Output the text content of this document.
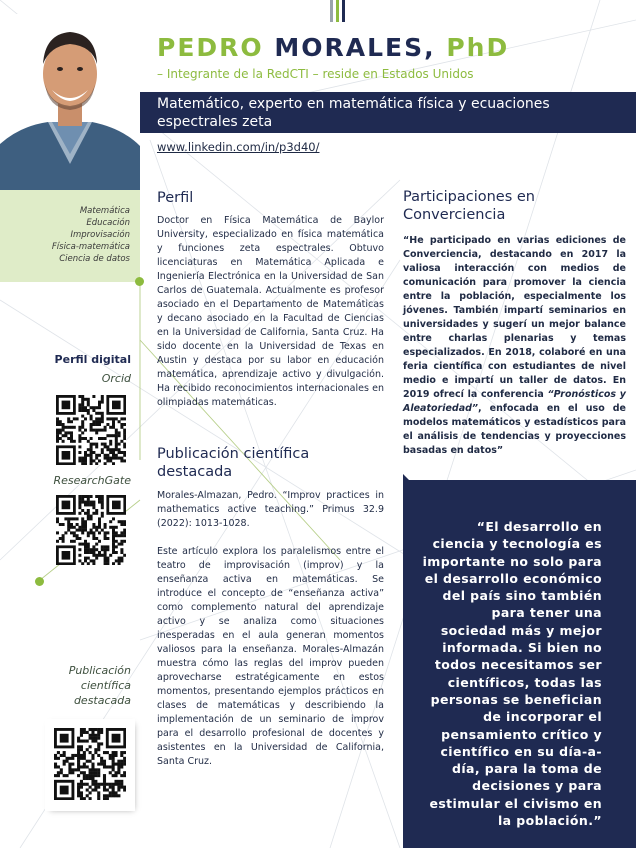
PEDRO MORALES, PhD
– Integrante de la RedCTI – reside en Estados Unidos
Matemático, experto en matemática física y ecuaciones espectrales zeta
www.linkedin.com/in/p3d40/
Matemática
Educación
Improvisación
Física-matemática
Ciencia de datos
Perfil digital
Orcid
ResearchGate
Publicación
científica
destacada
Perfil
Doctor en Física Matemática de Baylor University, especializado en física matemática y funciones zeta espectrales. Obtuvo licenciaturas en Matemática Aplicada e Ingeniería Electrónica en la Universidad de San Carlos de Guatemala. Actualmente es profesor asociado en el Departamento de Matemáticas y decano asociado en la Facultad de Ciencias en la Universidad de California, Santa Cruz. Ha sido docente en la Universidad de Texas en Austin y destaca por su labor en educación matemática, aprendizaje activo y divulgación. Ha recibido reconocimientos internacionales en olimpiadas matemáticas.
Publicación científica destacada
Morales-Almazan, Pedro. “Improv practices in mathematics active teaching.” Primus 32.9 (2022): 1013-1028.
Este artículo explora los paralelismos entre el teatro de improvisación (improv) y la enseñanza activa en matemáticas. Se introduce el concepto de “enseñanza activa” como complemento natural del aprendizaje activo y se analiza como situaciones inesperadas en el aula generan momentos valiosos para la enseñanza. Morales-Almazán muestra cómo las reglas del improv pueden aprovecharse estratégicamente en estos momentos, presentando ejemplos prácticos en clases de matemáticas y describiendo la implementación de un seminario de improv para el desarrollo profesional de docentes y asistentes en la Universidad de California, Santa Cruz.
Participaciones en Converciencia
“He participado en varias ediciones de Converciencia, destacando en 2017 la valiosa interacción con medios de comunicación para promover la ciencia entre la población, especialmente los jóvenes. También impartí seminarios en universidades y sugerí un mejor balance entre charlas plenarias y temas especializados. En 2018, colaboré en una feria científica con estudiantes de nivel medio e impartí un taller de datos. En 2019 ofrecí la conferencia “Pronósticos y Aleatoriedad”, enfocada en el uso de modelos matemáticos y estadísticos para el análisis de tendencias y proyecciones basadas en datos”
“El desarrollo en ciencia y tecnología es importante no solo para el desarrollo económico del país sino también para tener una sociedad más y mejor informada. Si bien no todos necesitamos ser científicos, todas las personas se benefician de incorporar el pensamiento crítico y científico en su día-a-día, para la toma de decisiones y para estimular el civismo en la población.”
